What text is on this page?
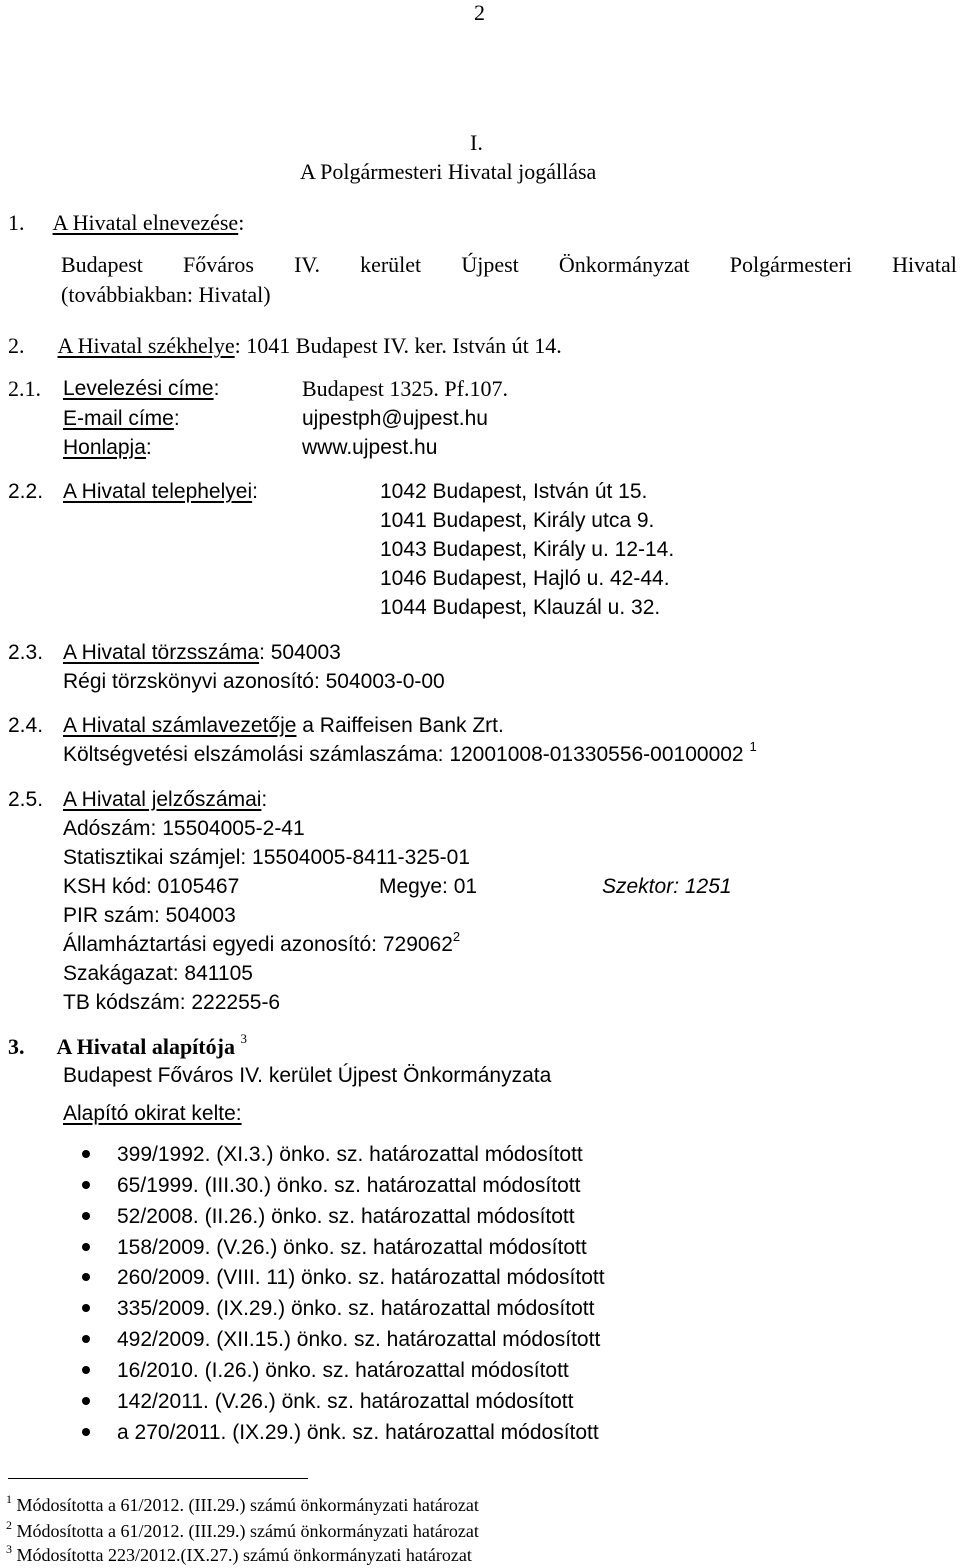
2
I.
A Polgármesteri Hivatal jogállása
1. A Hivatal elnevezése:
Budapest Főváros IV. kerület Újpest Önkormányzat Polgármesteri Hivatal
(továbbiakban: Hivatal)
2. A Hivatal székhelye: 1041 Budapest IV. ker. István út 14.
2.1. Levelezési címe:	Budapest 1325. Pf.107.
E-mail címe:	ujpestph@ujpest.hu
Honlapja:	www.ujpest.hu
2.2. A Hivatal telephelyei:	1042 Budapest, István út 15.
1041 Budapest, Király utca 9.
1043 Budapest, Király u. 12-14.
1046 Budapest, Hajló u. 42-44.
1044 Budapest, Klauzál u. 32.
2.3. A Hivatal törzsszáma: 504003
Régi törzskönyvi azonosító: 504003-0-00
2.4. A Hivatal számlavezetője a Raiffeisen Bank Zrt.
Költségvetési elszámolási számlaszáma: 12001008-01330556-00100002 $^1$
2.5. A Hivatal jelzőszámai:
Adószám: 15504005-2-41
Statisztikai számjel: 15504005-8411-325-01
KSH kód: 0105467	Megye: 01	Szektor: 1251
PIR szám: 504003
Államháztartási egyedi azonosító: 729062$^2$
Szakágazat: 841105
TB kódszám: 222255-6
3. A Hivatal alapítója $^3$
Budapest Főváros IV. kerület Újpest Önkormányzata
Alapító okirat kelte:
399/1992. (XI.3.) önko. sz. határozattal módosított
65/1999. (III.30.) önko. sz. határozattal módosított
52/2008. (II.26.) önko. sz. határozattal módosított
158/2009. (V.26.) önko. sz. határozattal módosított
260/2009. (VIII. 11) önko. sz. határozattal módosított
335/2009. (IX.29.) önko. sz. határozattal módosított
492/2009. (XII.15.) önko. sz. határozattal módosított
16/2010. (I.26.) önko. sz. határozattal módosított
142/2011. (V.26.) önk. sz. határozattal módosított
a 270/2011. (IX.29.) önk. sz. határozattal módosított
$^1$ Módosította a 61/2012. (III.29.) számú önkormányzati határozat
$^2$ Módosította a 61/2012. (III.29.) számú önkormányzati határozat
$^3$ Módosította 223/2012.(IX.27.) számú önkormányzati határozat
